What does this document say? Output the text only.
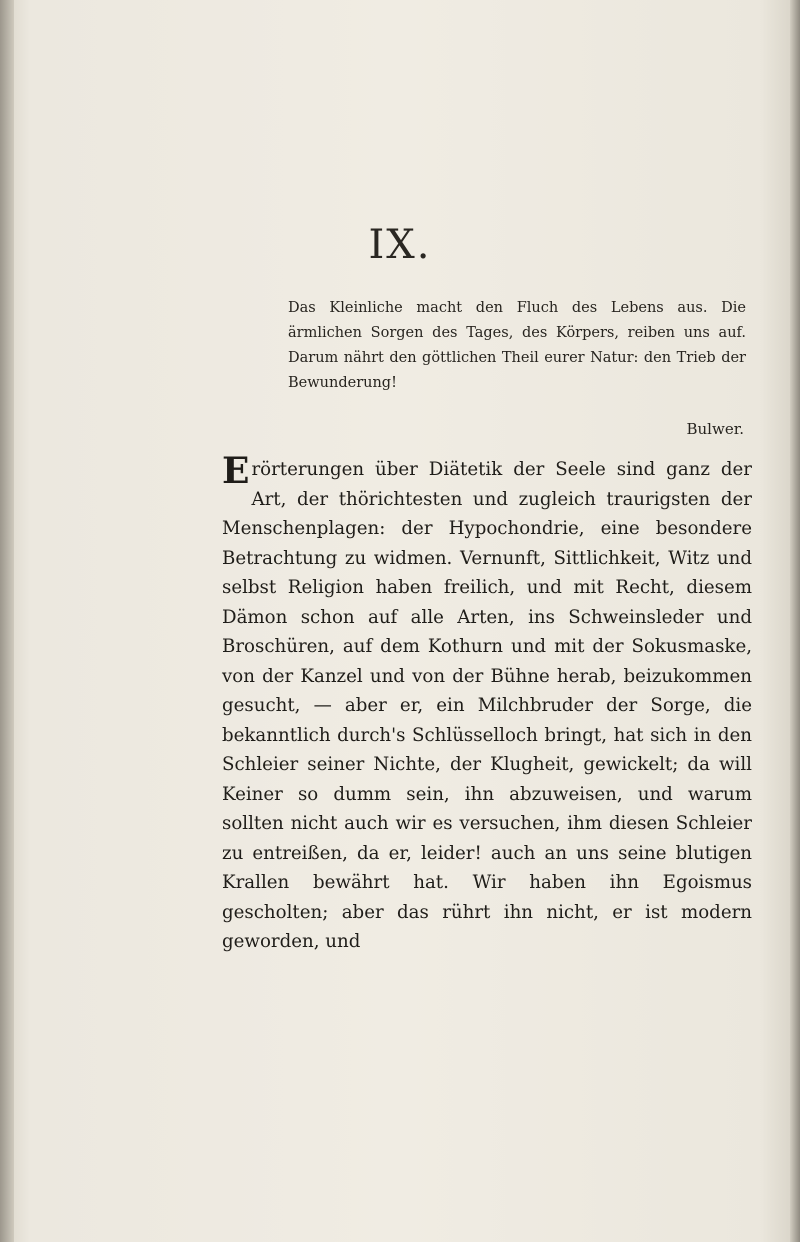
IX.
Das Kleinliche macht den Fluch des Lebens aus. Die ärmlichen Sorgen des Tages, des Körpers, reiben uns auf. Darum nährt den göttlichen Theil eurer Natur: den Trieb der Bewunderung!
Bulwer.

Erörterungen über Diätetik der Seele sind ganz der Art, der thörichtesten und zugleich traurigsten der Menschenplagen: der Hypochondrie, eine besondere Betrachtung zu widmen. Vernunft, Sittlichkeit, Witz und selbst Religion haben freilich, und mit Recht, diesem Dämon schon auf alle Arten, ins Schweinsleder und Broschüren, auf dem Kothurn und mit der Sokusmaske, von der Kanzel und von der Bühne herab, beizukommen gesucht, — aber er, ein Milchbruder der Sorge, die bekanntlich durch's Schlüsselloch bringt, hat sich in den Schleier seiner Nichte, der Klugheit, gewickelt; da will Keiner so dumm sein, ihn abzuweisen, und warum sollten nicht auch wir es versuchen, ihm diesen Schleier zu entreißen, da er, leider! auch an uns seine blutigen Krallen bewährt hat. Wir haben ihn Egoismus gescholten; aber das rührt ihn nicht, er ist modern geworden, und
